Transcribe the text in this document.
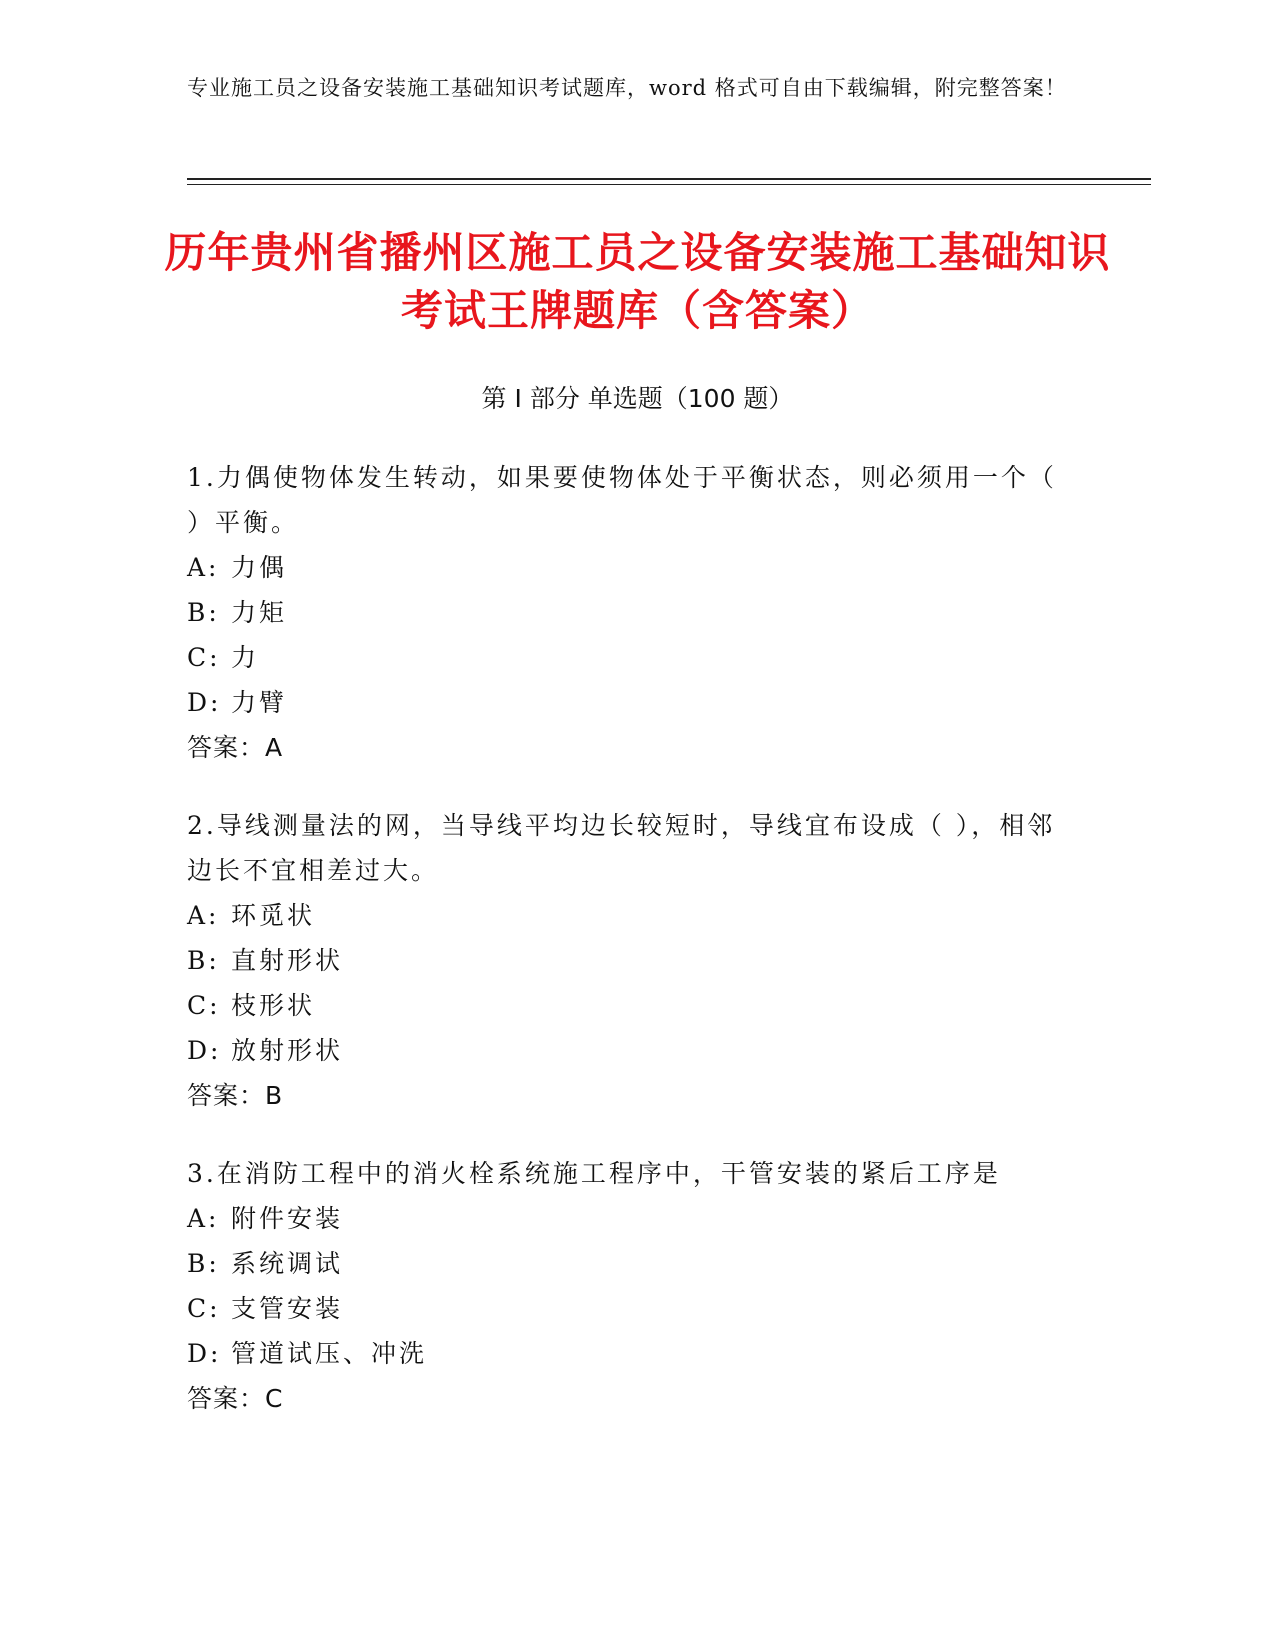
专业施工员之设备安装施工基础知识考试题库，word 格式可自由下载编辑，附完整答案！
历年贵州省播州区施工员之设备安装施工基础知识考试王牌题库（含答案）
第 I 部分 单选题（100 题）
1.力偶使物体发生转动，如果要使物体处于平衡状态，则必须用一个（ ）平衡。
A: 力偶
B: 力矩
C: 力
D: 力臂
答案：A
2.导线测量法的网，当导线平均边长较短时，导线宜布设成（ ），相邻边长不宜相差过大。
A: 环觅状
B: 直射形状
C: 枝形状
D: 放射形状
答案：B
3.在消防工程中的消火栓系统施工程序中，干管安装的紧后工序是
A: 附件安装
B: 系统调试
C: 支管安装
D: 管道试压、冲洗
答案：C
